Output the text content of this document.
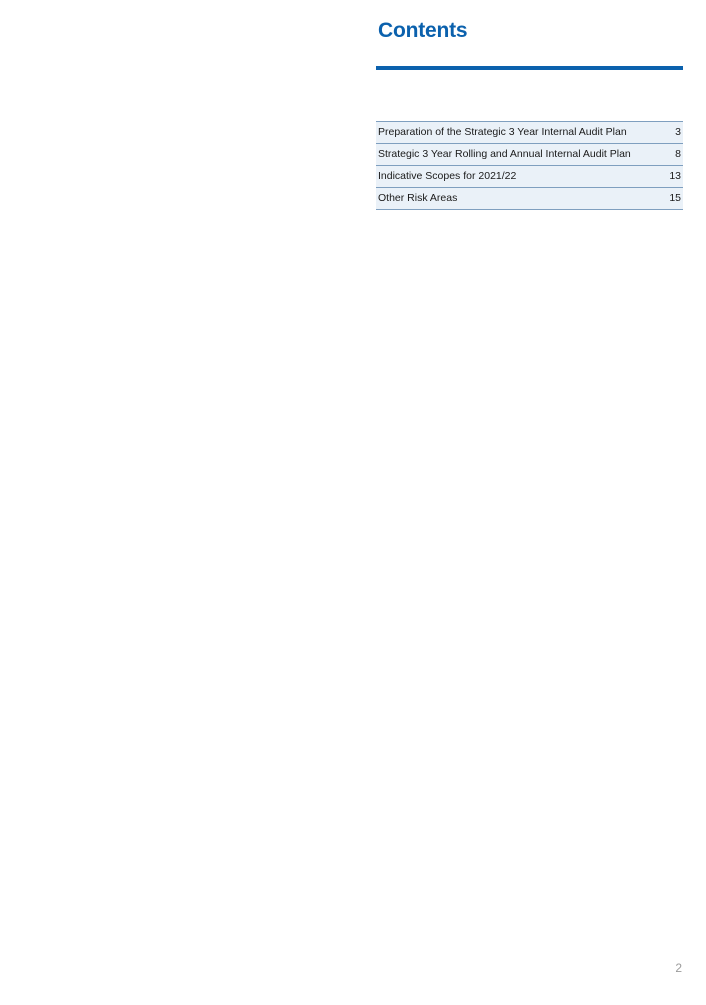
Contents
Preparation of the Strategic 3 Year Internal Audit Plan	3
Strategic 3 Year Rolling and Annual Internal Audit Plan	8
Indicative Scopes for 2021/22	13
Other Risk Areas	15
2
